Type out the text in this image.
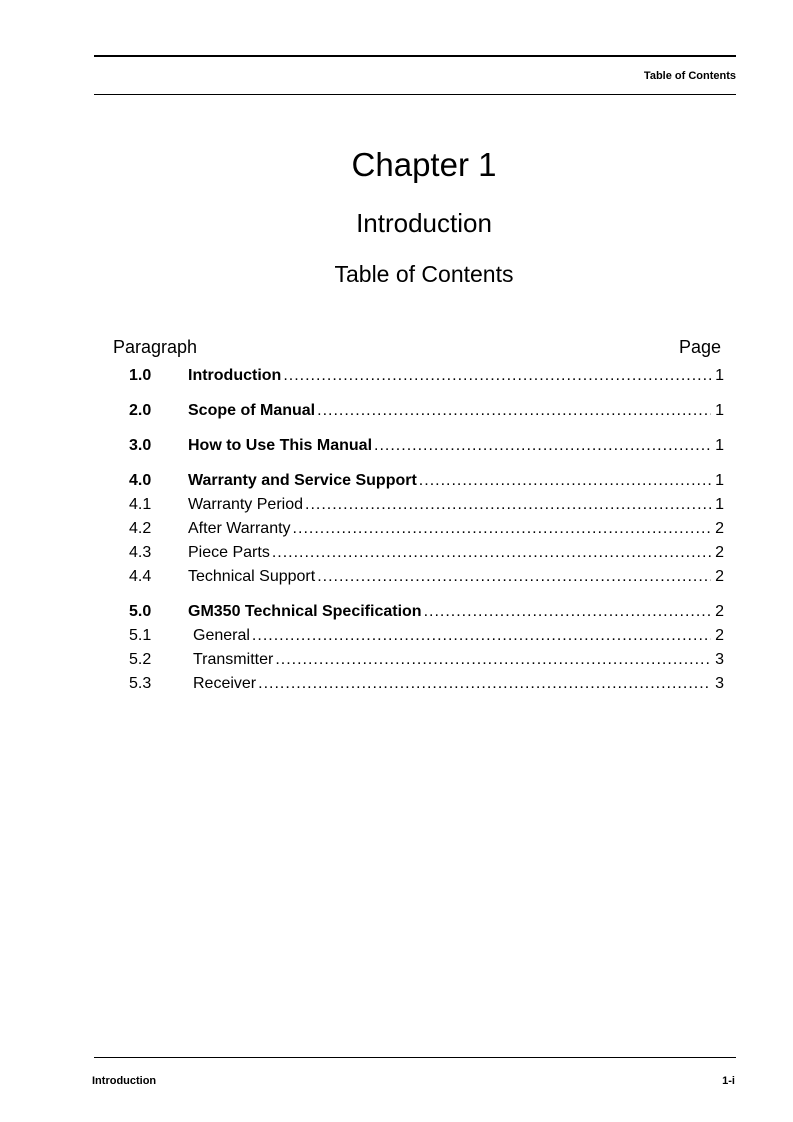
Table of Contents
Chapter 1
Introduction
Table of Contents
Paragraph	Page
1.0	Introduction .....	1
2.0	Scope of Manual .....	1
3.0	How to Use This Manual .....	1
4.0	Warranty and Service Support .....	1
4.1	Warranty Period .....	1
4.2	After Warranty .....	2
4.3	Piece Parts .....	2
4.4	Technical Support .....	2
5.0	GM350 Technical Specification .....	2
5.1	General .....	2
5.2	Transmitter .....	3
5.3	Receiver .....	3
Introduction	1-i
